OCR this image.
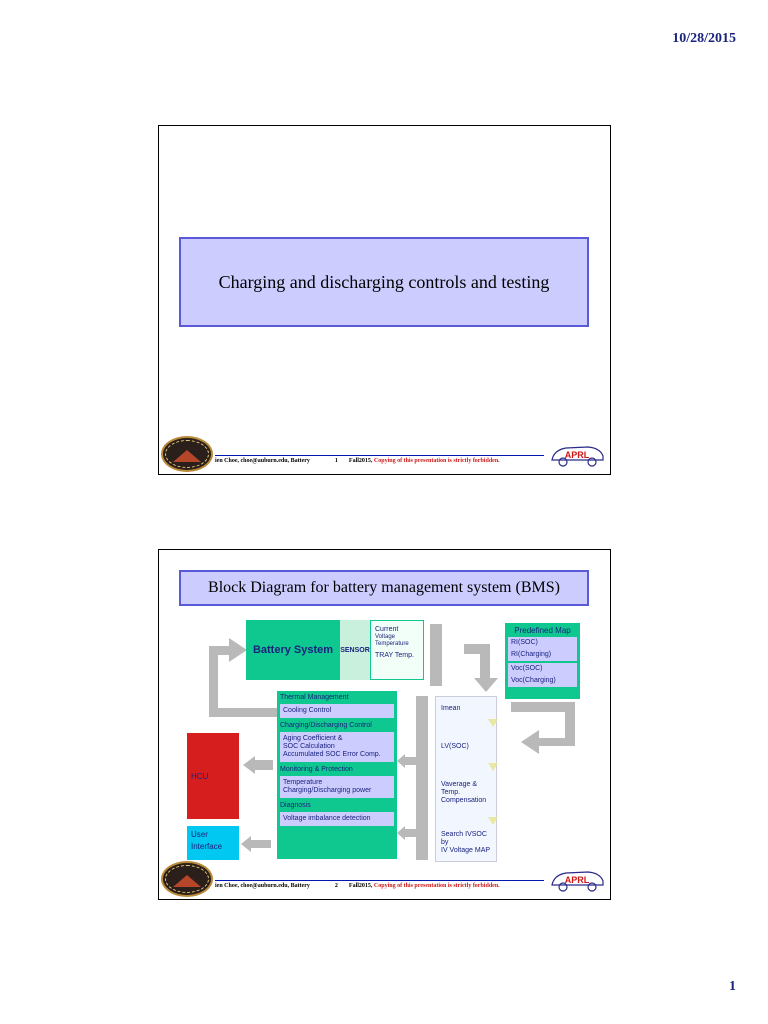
10/28/2015
Charging and discharging controls and testing
ien Choe, choe@auburn.edu, Battery	1 Fall2015, Copying of this presentation is strictly forbidden.
APRL
Block Diagram for battery management system (BMS)
Battery System	SENSOR
Current
Voltage
Temperature
TRAY Temp.
Predefined Map
RI(SOC)
RI(Charging)
Voc(SOC)
Voc(Charging)
Thermal Management
Cooling Control
Charging/Discharging Control
Aging Coefficient &
SOC Calculation
Accumulated SOC Error Comp.
Monitoring & Protection
Temperature
Charging/Discharging power
Diagnosis
Voltage imbalance detection
HCU
User
Interface
Imean
LV(SOC)
Vaverage &
Temp.
Compensation
Search IVSOC
by
IV Voltage MAP
ien Choe, choe@auburn.edu, Battery	2 Fall2015, Copying of this presentation is strictly forbidden.
APRL
1
